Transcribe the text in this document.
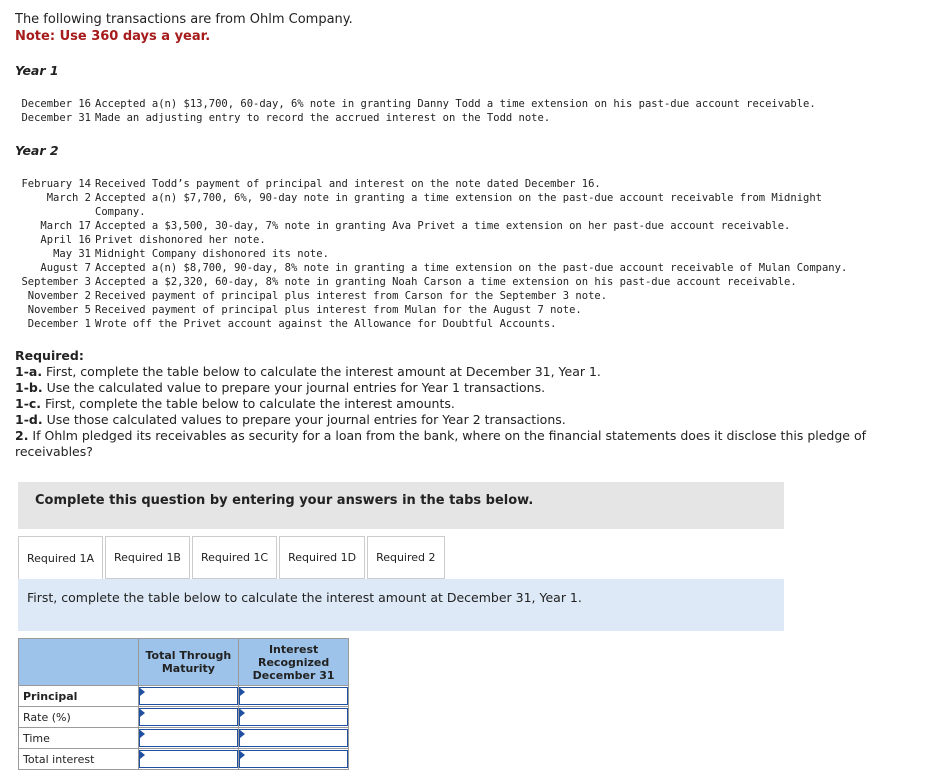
The following transactions are from Ohlm Company.
Note: Use 360 days a year.
Year 1
December 16 Accepted a(n) $13,700, 60-day, 6% note in granting Danny Todd a time extension on his past-due account receivable.
December 31 Made an adjusting entry to record the accrued interest on the Todd note.
Year 2
February 14 Received Todd’s payment of principal and interest on the note dated December 16.
March 2 Accepted a(n) $7,700, 6%, 90-day note in granting a time extension on the past-due account receivable from Midnight Company.
March 17 Accepted a $3,500, 30-day, 7% note in granting Ava Privet a time extension on her past-due account receivable.
April 16 Privet dishonored her note.
May 31 Midnight Company dishonored its note.
August 7 Accepted a(n) $8,700, 90-day, 8% note in granting a time extension on the past-due account receivable of Mulan Company.
September 3 Accepted a $2,320, 60-day, 8% note in granting Noah Carson a time extension on his past-due account receivable.
November 2 Received payment of principal plus interest from Carson for the September 3 note.
November 5 Received payment of principal plus interest from Mulan for the August 7 note.
December 1 Wrote off the Privet account against the Allowance for Doubtful Accounts.
Required:
1-a. First, complete the table below to calculate the interest amount at December 31, Year 1.
1-b. Use the calculated value to prepare your journal entries for Year 1 transactions.
1-c. First, complete the table below to calculate the interest amounts.
1-d. Use those calculated values to prepare your journal entries for Year 2 transactions.
2. If Ohlm pledged its receivables as security for a loan from the bank, where on the financial statements does it disclose this pledge of receivables?
Complete this question by entering your answers in the tabs below.
Required 1A	Required 1B	Required 1C	Required 1D	Required 2
First, complete the table below to calculate the interest amount at December 31, Year 1.
	Total Through Maturity	Interest Recognized December 31
Principal		
Rate (%)		
Time		
Total interest		
